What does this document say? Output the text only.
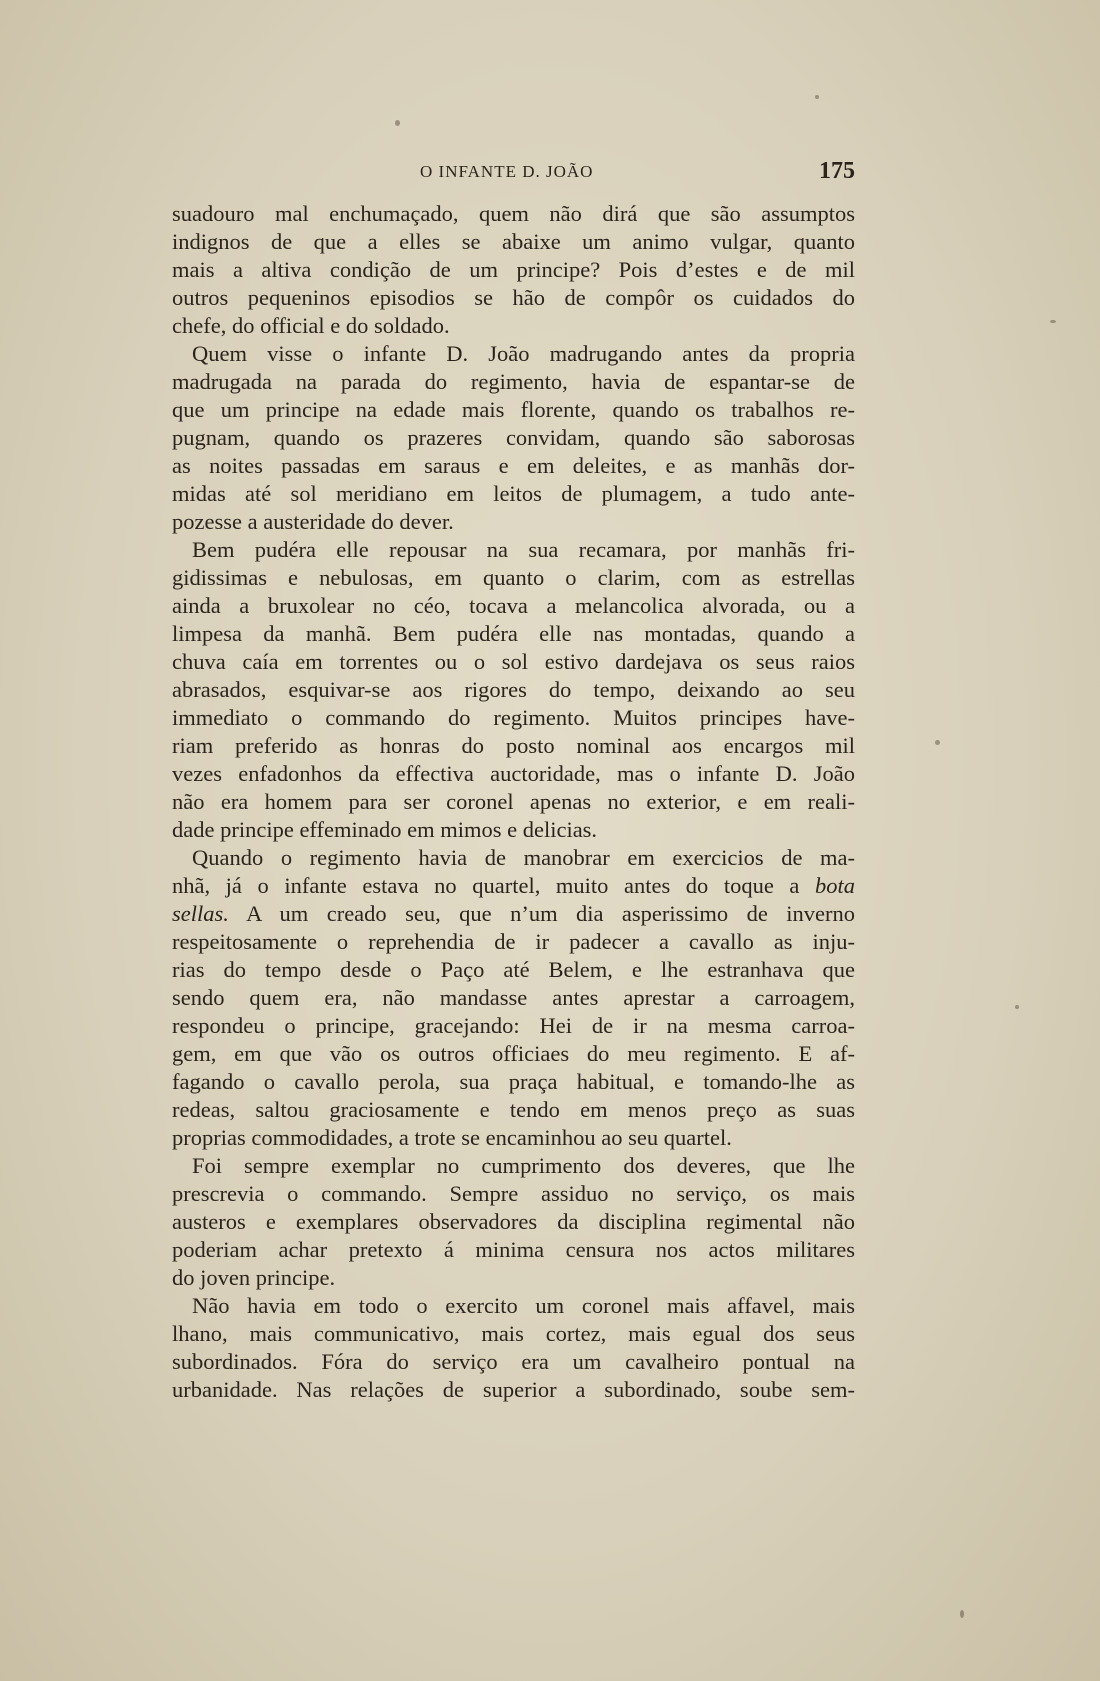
O INFANTE D. JOÃO	175
suadouro mal enchumaçado, quem não dirá que são assumptos
indignos de que a elles se abaixe um animo vulgar, quanto
mais a altiva condição de um principe? Pois d’estes e de mil
outros pequeninos episodios se hão de compôr os cuidados do
chefe, do official e do soldado.
Quem visse o infante D. João madrugando antes da propria
madrugada na parada do regimento, havia de espantar-se de
que um principe na edade mais florente, quando os trabalhos re-
pugnam, quando os prazeres convidam, quando são saborosas
as noites passadas em saraus e em deleites, e as manhãs dor-
midas até sol meridiano em leitos de plumagem, a tudo ante-
pozesse a austeridade do dever.
Bem pudéra elle repousar na sua recamara, por manhãs fri-
gidissimas e nebulosas, em quanto o clarim, com as estrellas
ainda a bruxolear no céo, tocava a melancolica alvorada, ou a
limpesa da manhã. Bem pudéra elle nas montadas, quando a
chuva caía em torrentes ou o sol estivo dardejava os seus raios
abrasados, esquivar-se aos rigores do tempo, deixando ao seu
immediato o commando do regimento. Muitos principes have-
riam preferido as honras do posto nominal aos encargos mil
vezes enfadonhos da effectiva auctoridade, mas o infante D. João
não era homem para ser coronel apenas no exterior, e em reali-
dade principe effeminado em mimos e delicias.
Quando o regimento havia de manobrar em exercicios de ma-
nhã, já o infante estava no quartel, muito antes do toque a bota
sellas. A um creado seu, que n’um dia asperissimo de inverno
respeitosamente o reprehendia de ir padecer a cavallo as inju-
rias do tempo desde o Paço até Belem, e lhe estranhava que
sendo quem era, não mandasse antes aprestar a carroagem,
respondeu o principe, gracejando: Hei de ir na mesma carroa-
gem, em que vão os outros officiaes do meu regimento. E af-
fagando o cavallo perola, sua praça habitual, e tomando-lhe as
redeas, saltou graciosamente e tendo em menos preço as suas
proprias commodidades, a trote se encaminhou ao seu quartel.
Foi sempre exemplar no cumprimento dos deveres, que lhe
prescrevia o commando. Sempre assiduo no serviço, os mais
austeros e exemplares observadores da disciplina regimental não
poderiam achar pretexto á minima censura nos actos militares
do joven principe.
Não havia em todo o exercito um coronel mais affavel, mais
lhano, mais communicativo, mais cortez, mais egual dos seus
subordinados. Fóra do serviço era um cavalheiro pontual na
urbanidade. Nas relações de superior a subordinado, soube sem-
